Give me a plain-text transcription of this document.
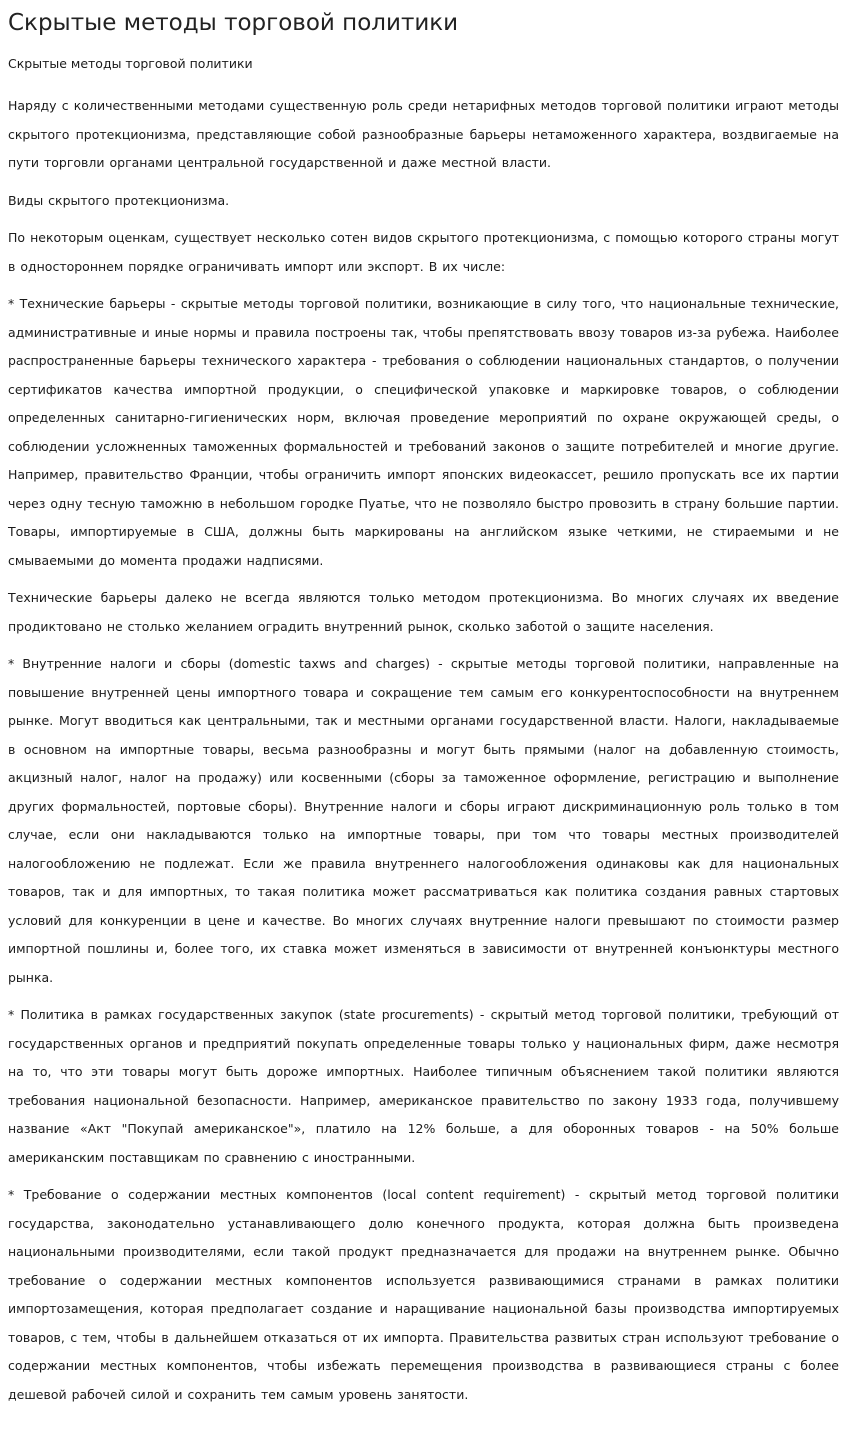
Скрытые методы торговой политики

Скрытые методы торговой политики

Наряду с количественными методами существенную роль среди нетарифных методов торговой политики играют методы скрытого протекционизма, представляющие собой разнообразные барьеры нетаможенного характера, воздвигаемые на пути торговли органами центральной государственной и даже местной власти.

Виды скрытого протекционизма.

По некоторым оценкам, существует несколько сотен видов скрытого протекционизма, с помощью которого страны могут в одностороннем порядке ограничивать импорт или экспорт. В их числе:

* Технические барьеры - скрытые методы торговой политики, возникающие в силу того, что национальные технические, административные и иные нормы и правила построены так, чтобы препятствовать ввозу товаров из-за рубежа. Наиболее распространенные барьеры технического характера - требования о соблюдении национальных стандартов, о получении сертификатов качества импортной продукции, о специфической упаковке и маркировке товаров, о соблюдении определенных санитарно-гигиенических норм, включая проведение мероприятий по охране окружающей среды, о соблюдении усложненных таможенных формальностей и требований законов о защите потребителей и многие другие. Например, правительство Франции, чтобы ограничить импорт японских видеокассет, решило пропускать все их партии через одну тесную таможню в небольшом городке Пуатье, что не позволяло быстро провозить в страну большие партии. Товары, импортируемые в США, должны быть маркированы на английском языке четкими, не стираемыми и не смываемыми до момента продажи надписями.

Технические барьеры далеко не всегда являются только методом протекционизма. Во многих случаях их введение продиктовано не столько желанием оградить внутренний рынок, сколько заботой о защите населения.

* Внутренние налоги и сборы (domestic taxws and charges) - скрытые методы торговой политики, направленные на повышение внутренней цены импортного товара и сокращение тем самым его конкурентоспособности на внутреннем рынке. Могут вводиться как центральными, так и местными органами государственной власти. Налоги, накладываемые в основном на импортные товары, весьма разнообразны и могут быть прямыми (налог на добавленную стоимость, акцизный налог, налог на продажу) или косвенными (сборы за таможенное оформление, регистрацию и выполнение других формальностей, портовые сборы). Внутренние налоги и сборы играют дискриминационную роль только в том случае, если они накладываются только на импортные товары, при том что товары местных производителей налогообложению не подлежат. Если же правила внутреннего налогообложения одинаковы как для национальных товаров, так и для импортных, то такая политика может рассматриваться как политика создания равных стартовых условий для конкуренции в цене и качестве. Во многих случаях внутренние налоги превышают по стоимости размер импортной пошлины и, более того, их ставка может изменяться в зависимости от внутренней конъюнктуры местного рынка.

* Политика в рамках государственных закупок (state procurements) - скрытый метод торговой политики, требующий от государственных органов и предприятий покупать определенные товары только у национальных фирм, даже несмотря на то, что эти товары могут быть дороже импортных. Наиболее типичным объяснением такой политики являются требования национальной безопасности. Например, американское правительство по закону 1933 года, получившему название «Акт "Покупай американское"», платило на 12% больше, а для оборонных товаров - на 50% больше американским поставщикам по сравнению с иностранными.

* Требование о содержании местных компонентов (local content requirement) - скрытый метод торговой политики государства, законодательно устанавливающего долю конечного продукта, которая должна быть произведена национальными производителями, если такой продукт предназначается для продажи на внутреннем рынке. Обычно требование о содержании местных компонентов используется развивающимися странами в рамках политики импортозамещения, которая предполагает создание и наращивание национальной базы производства импортируемых товаров, с тем, чтобы в дальнейшем отказаться от их импорта. Правительства развитых стран используют требование о содержании местных компонентов, чтобы избежать перемещения производства в развивающиеся страны с более дешевой рабочей силой и сохранить тем самым уровень занятости.
